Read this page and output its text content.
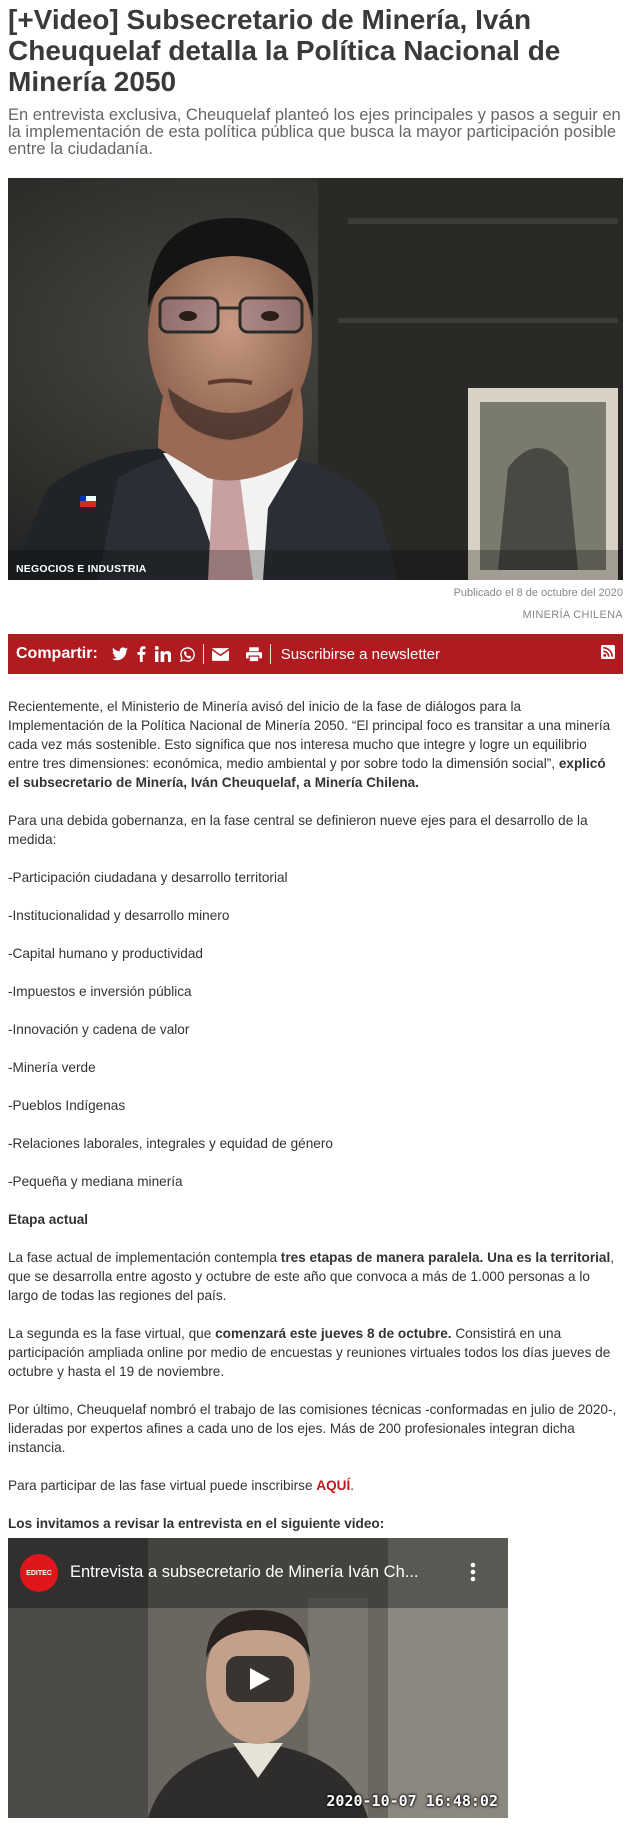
[+Video] Subsecretario de Minería, Iván Cheuquelaf detalla la Política Nacional de Minería 2050

En entrevista exclusiva, Cheuquelaf planteó los ejes principales y pasos a seguir en la implementación de esta política pública que busca la mayor participación posible entre la ciudadanía.

NEGOCIOS E INDUSTRIA
Publicado el 8 de octubre del 2020
MINERÍA CHILENA
Compartir:	Suscribirse a newsletter

Recientemente, el Ministerio de Minería avisó del inicio de la fase de diálogos para la Implementación de la Política Nacional de Minería 2050. “El principal foco es transitar a una minería cada vez más sostenible. Esto significa que nos interesa mucho que integre y logre un equilibrio entre tres dimensiones: económica, medio ambiental y por sobre todo la dimensión social”, explicó el subsecretario de Minería, Iván Cheuquelaf, a Minería Chilena.

Para una debida gobernanza, en la fase central se definieron nueve ejes para el desarrollo de la medida:

-Participación ciudadana y desarrollo territorial

-Institucionalidad y desarrollo minero

-Capital humano y productividad

-Impuestos e inversión pública

-Innovación y cadena de valor

-Minería verde

-Pueblos Indígenas

-Relaciones laborales, integrales y equidad de género

-Pequeña y mediana minería

Etapa actual

La fase actual de implementación contempla tres etapas de manera paralela. Una es la territorial, que se desarrolla entre agosto y octubre de este año que convoca a más de 1.000 personas a lo largo de todas las regiones del país.

La segunda es la fase virtual, que comenzará este jueves 8 de octubre. Consistirá en una participación ampliada online por medio de encuestas y reuniones virtuales todos los días jueves de octubre y hasta el 19 de noviembre.

Por último, Cheuquelaf nombró el trabajo de las comisiones técnicas -conformadas en julio de 2020-, lideradas por expertos afines a cada uno de los ejes. Más de 200 profesionales integran dicha instancia.

Para participar de las fase virtual puede inscribirse AQUÍ.

Los invitamos a revisar la entrevista en el siguiente video:

EDITEC	Entrevista a subsecretario de Minería Iván Ch...
2020-10-07 16:48:02
